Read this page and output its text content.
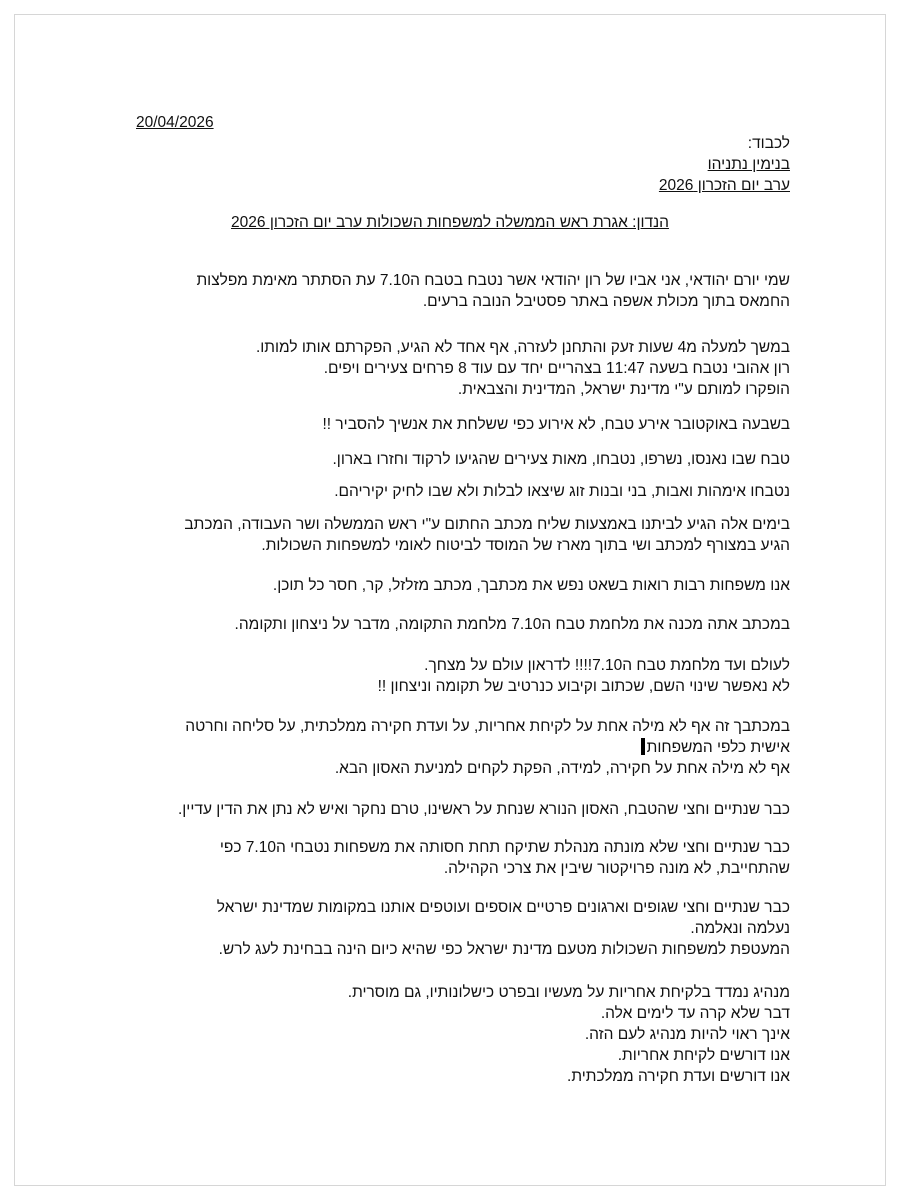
20/04/2026
לכבוד:
בנימין נתניהו
ערב יום הזכרון 2026
הנדון: אגרת ראש הממשלה למשפחות השכולות ערב יום הזכרון 2026
שמי יורם יהודאי, אני אביו של רון יהודאי אשר נטבח בטבח ה7.10 עת הסתתר מאימת מפלצות
החמאס בתוך מכולת אשפה באתר פסטיבל הנובה ברעים.
במשך למעלה מ4 שעות זעק והתחנן לעזרה, אף אחד לא הגיע, הפקרתם אותו למותו.
רון אהובי נטבח בשעה 11:47 בצהריים יחד עם עוד 8 פרחים צעירים ויפים.
הופקרו למותם ע"י מדינת ישראל, המדינית והצבאית.
בשבעה באוקטובר אירע טבח, לא אירוע כפי ששלחת את אנשיך להסביר !!
טבח שבו נאנסו, נשרפו, נטבחו, מאות צעירים שהגיעו לרקוד וחזרו בארון.
נטבחו אימהות ואבות, בני ובנות זוג שיצאו לבלות ולא שבו לחיק יקיריהם.
בימים אלה הגיע לביתנו באמצעות שליח מכתב החתום ע"י ראש הממשלה ושר העבודה, המכתב
הגיע במצורף למכתב ושי בתוך מארז של המוסד לביטוח לאומי למשפחות השכולות.
אנו משפחות רבות רואות בשאט נפש את מכתבך, מכתב מזלזל, קר, חסר כל תוכן.
במכתב אתה מכנה את מלחמת טבח ה7.10 מלחמת התקומה, מדבר על ניצחון ותקומה.
לעולם ועד מלחמת טבח ה7.10!!!! לדראון עולם על מצחך.
לא נאפשר שינוי השם, שכתוב וקיבוע כנרטיב של תקומה וניצחון !!
במכתבך זה אף לא מילה אחת על לקיחת אחריות, על ועדת חקירה ממלכתית, על סליחה וחרטה
אישית כלפי המשפחות
אף לא מילה אחת על חקירה, למידה, הפקת לקחים למניעת האסון הבא.
כבר שנתיים וחצי שהטבח, האסון הנורא שנחת על ראשינו, טרם נחקר ואיש לא נתן את הדין עדיין.
כבר שנתיים וחצי שלא מונתה מנהלת שתיקח תחת חסותה את משפחות נטבחי ה7.10 כפי
שהתחייבת, לא מונה פרויקטור שיבין את צרכי הקהילה.
כבר שנתיים וחצי שגופים וארגונים פרטיים אוספים ועוטפים אותנו במקומות שמדינת ישראל
נעלמה ונאלמה.
המעטפת למשפחות השכולות מטעם מדינת ישראל כפי שהיא כיום הינה בבחינת לעג לרש.
מנהיג נמדד בלקיחת אחריות על מעשיו ובפרט כישלונותיו, גם מוסרית.
דבר שלא קרה עד לימים אלה.
אינך ראוי להיות מנהיג לעם הזה.
אנו דורשים לקיחת אחריות.
אנו דורשים ועדת חקירה ממלכתית.
